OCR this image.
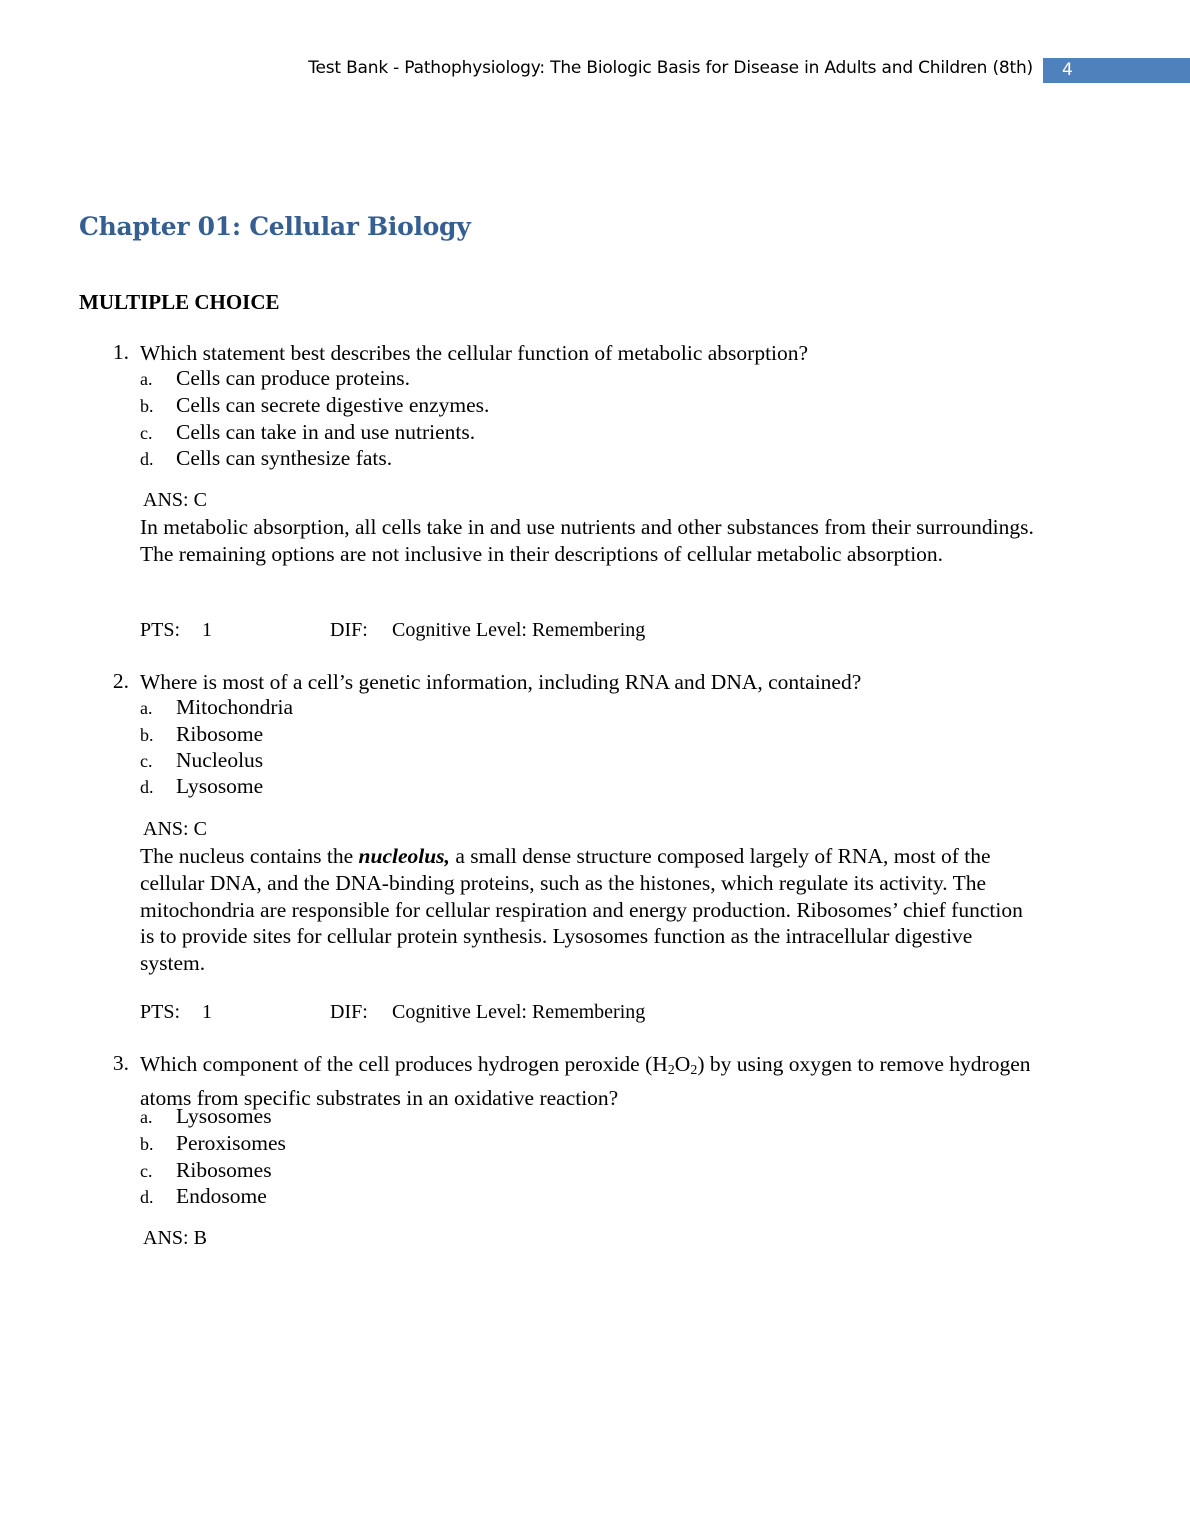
Test Bank - Pathophysiology: The Biologic Basis for Disease in Adults and Children (8th) 4
Chapter 01: Cellular Biology
MULTIPLE CHOICE
1. Which statement best describes the cellular function of metabolic absorption?
a. Cells can produce proteins.
b. Cells can secrete digestive enzymes.
c. Cells can take in and use nutrients.
d. Cells can synthesize fats.
ANS: C
In metabolic absorption, all cells take in and use nutrients and other substances from their surroundings. The remaining options are not inclusive in their descriptions of cellular metabolic absorption.
PTS: 1	DIF: Cognitive Level: Remembering
2. Where is most of a cell’s genetic information, including RNA and DNA, contained?
a. Mitochondria
b. Ribosome
c. Nucleolus
d. Lysosome
ANS: C
The nucleus contains the nucleolus, a small dense structure composed largely of RNA, most of the cellular DNA, and the DNA-binding proteins, such as the histones, which regulate its activity. The mitochondria are responsible for cellular respiration and energy production. Ribosomes’ chief function is to provide sites for cellular protein synthesis. Lysosomes function as the intracellular digestive system.
PTS: 1	DIF: Cognitive Level: Remembering
3. Which component of the cell produces hydrogen peroxide $(H_2O_2)$ by using oxygen to remove hydrogen atoms from specific substrates in an oxidative reaction?
a. Lysosomes
b. Peroxisomes
c. Ribosomes
d. Endosome
ANS: B
